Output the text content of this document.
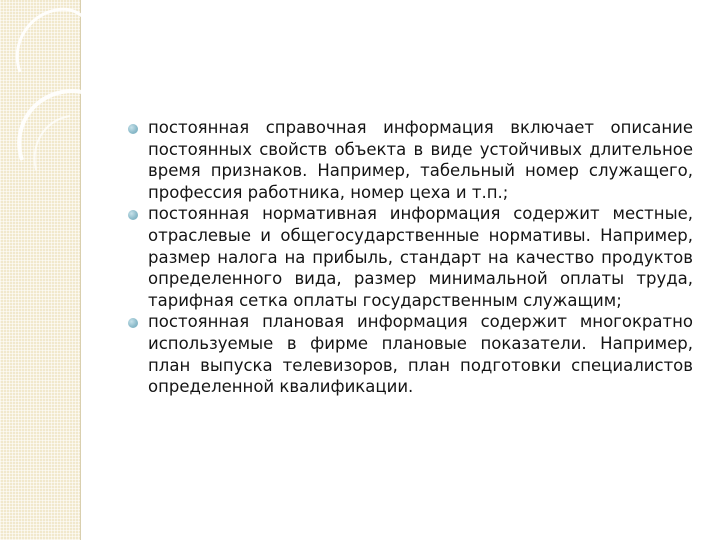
постоянная справочная информация включает описание постоянных свойств объекта в виде устойчивых длительное время признаков. Например, табельный номер служащего, профессия работника, номер цеха и т.п.;
постоянная нормативная информация содержит местные, отраслевые и общегосударственные нормативы. Например, размер налога на прибыль, стандарт на качество продуктов определенного вида, размер минимальной оплаты труда, тарифная сетка оплаты государственным служащим;
постоянная плановая информация содержит многократно используемые в фирме плановые показатели. Например, план выпуска телевизоров, план подготовки специалистов определенной квалификации.
